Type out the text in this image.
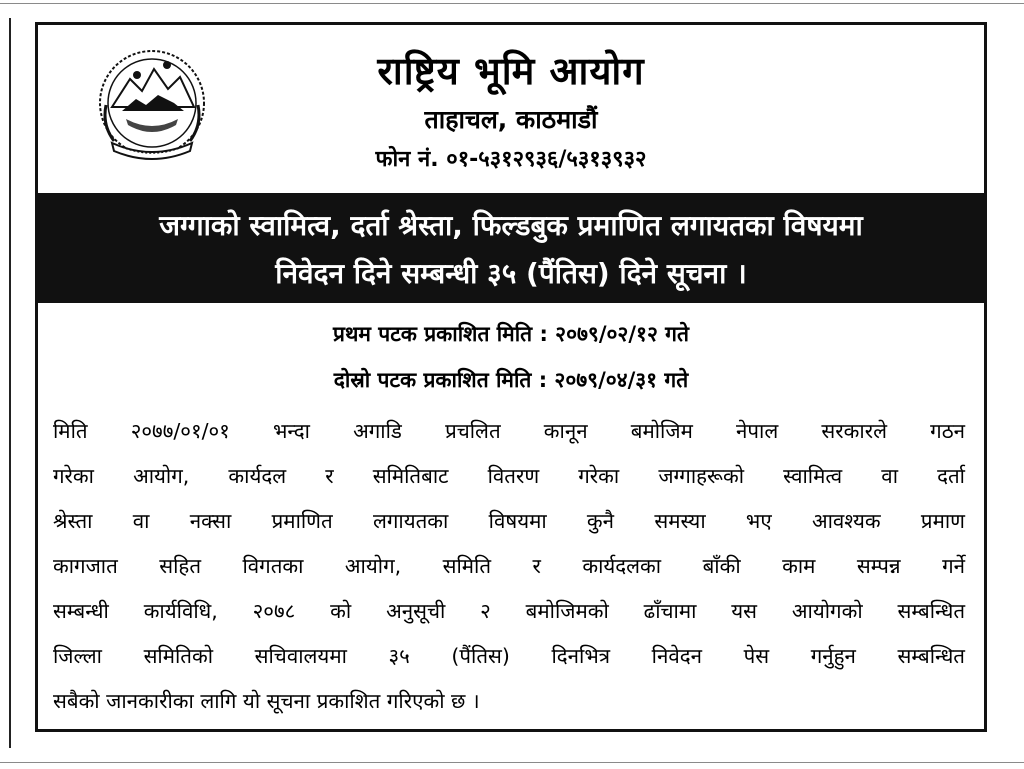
राष्ट्रिय भूमि आयोग
ताहाचल, काठमाडौं
फोन नं. ०१-५३१२९३६/५३१३९३२
जग्गाको स्वामित्व, दर्ता श्रेस्ता, फिल्डबुक प्रमाणित लगायतका विषयमा
निवेदन दिने सम्बन्धी ३५ (पैंतिस) दिने सूचना ।
प्रथम पटक प्रकाशित मिति : २०७९/०२/१२ गते
दोस्रो पटक प्रकाशित मिति : २०७९/०४/३१ गते
मिति २०७७/०१/०१ भन्दा अगाडि प्रचलित कानून बमोजिम नेपाल सरकारले गठन
गरेका आयोग, कार्यदल र समितिबाट वितरण गरेका जग्गाहरूको स्वामित्व वा दर्ता
श्रेस्ता वा नक्सा प्रमाणित लगायतका विषयमा कुनै समस्या भए आवश्यक प्रमाण
कागजात सहित विगतका आयोग, समिति र कार्यदलका बाँकी काम सम्पन्न गर्ने
सम्बन्धी कार्यविधि, २०७८ को अनुसूची २ बमोजिमको ढाँचामा यस आयोगको सम्बन्धित
जिल्ला समितिको सचिवालयमा ३५ (पैंतिस) दिनभित्र निवेदन पेस गर्नुहुन सम्बन्धित
सबैको जानकारीका लागि यो सूचना प्रकाशित गरिएको छ ।
